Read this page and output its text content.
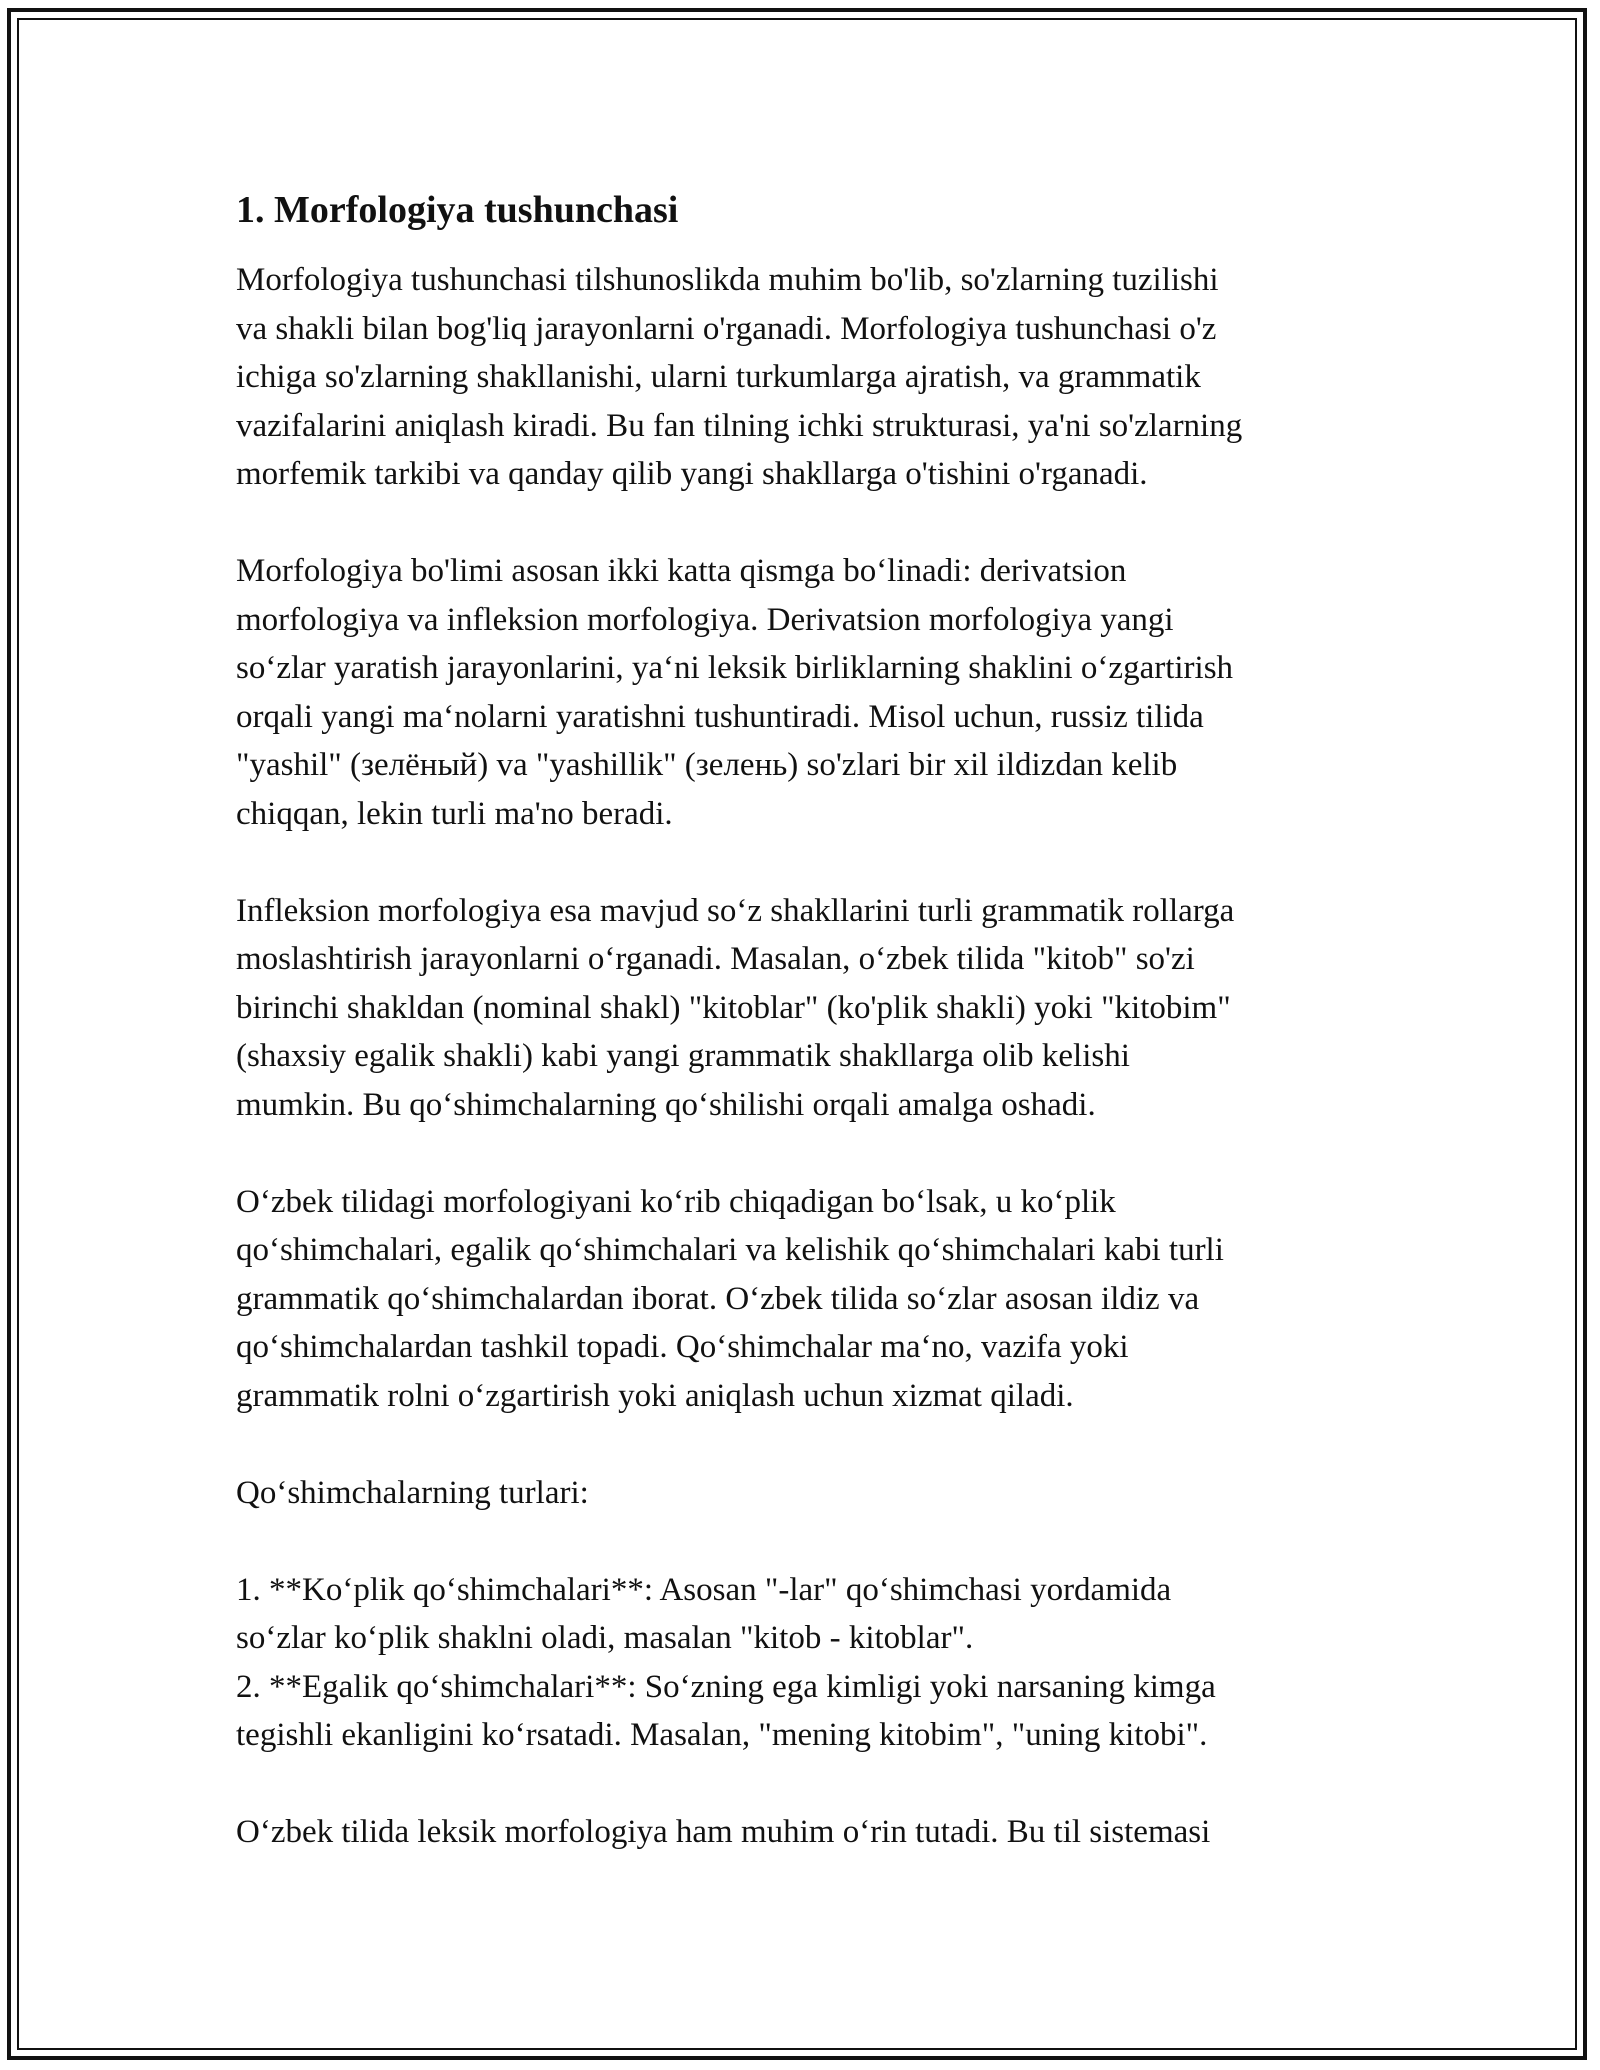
1. Morfologiya tushunchasi

Morfologiya tushunchasi tilshunoslikda muhim bo'lib, so'zlarning tuzilishi
va shakli bilan bog'liq jarayonlarni o'rganadi. Morfologiya tushunchasi o'z
ichiga so'zlarning shakllanishi, ularni turkumlarga ajratish, va grammatik
vazifalarini aniqlash kiradi. Bu fan tilning ichki strukturasi, ya'ni so'zlarning
morfemik tarkibi va qanday qilib yangi shakllarga o'tishini o'rganadi.

Morfologiya bo'limi asosan ikki katta qismga bo‘linadi: derivatsion
morfologiya va infleksion morfologiya. Derivatsion morfologiya yangi
so‘zlar yaratish jarayonlarini, ya‘ni leksik birliklarning shaklini o‘zgartirish
orqali yangi ma‘nolarni yaratishni tushuntiradi. Misol uchun, russiz tilida
"yashil" (зелёный) va "yashillik" (зелень) so'zlari bir xil ildizdan kelib
chiqqan, lekin turli ma'no beradi.

Infleksion morfologiya esa mavjud so‘z shakllarini turli grammatik rollarga
moslashtirish jarayonlarni o‘rganadi. Masalan, o‘zbek tilida "kitob" so'zi
birinchi shakldan (nominal shakl) "kitoblar" (ko'plik shakli) yoki "kitobim"
(shaxsiy egalik shakli) kabi yangi grammatik shakllarga olib kelishi
mumkin. Bu qo‘shimchalarning qo‘shilishi orqali amalga oshadi.

O‘zbek tilidagi morfologiyani ko‘rib chiqadigan bo‘lsak, u ko‘plik
qo‘shimchalari, egalik qo‘shimchalari va kelishik qo‘shimchalari kabi turli
grammatik qo‘shimchalardan iborat. O‘zbek tilida so‘zlar asosan ildiz va
qo‘shimchalardan tashkil topadi. Qo‘shimchalar ma‘no, vazifa yoki
grammatik rolni o‘zgartirish yoki aniqlash uchun xizmat qiladi.

Qo‘shimchalarning turlari:

1. **Ko‘plik qo‘shimchalari**: Asosan "-lar" qo‘shimchasi yordamida
so‘zlar ko‘plik shaklni oladi, masalan "kitob - kitoblar".
2. **Egalik qo‘shimchalari**: So‘zning ega kimligi yoki narsaning kimga
tegishli ekanligini ko‘rsatadi. Masalan, "mening kitobim", "uning kitobi".

O‘zbek tilida leksik morfologiya ham muhim o‘rin tutadi. Bu til sistemasi
